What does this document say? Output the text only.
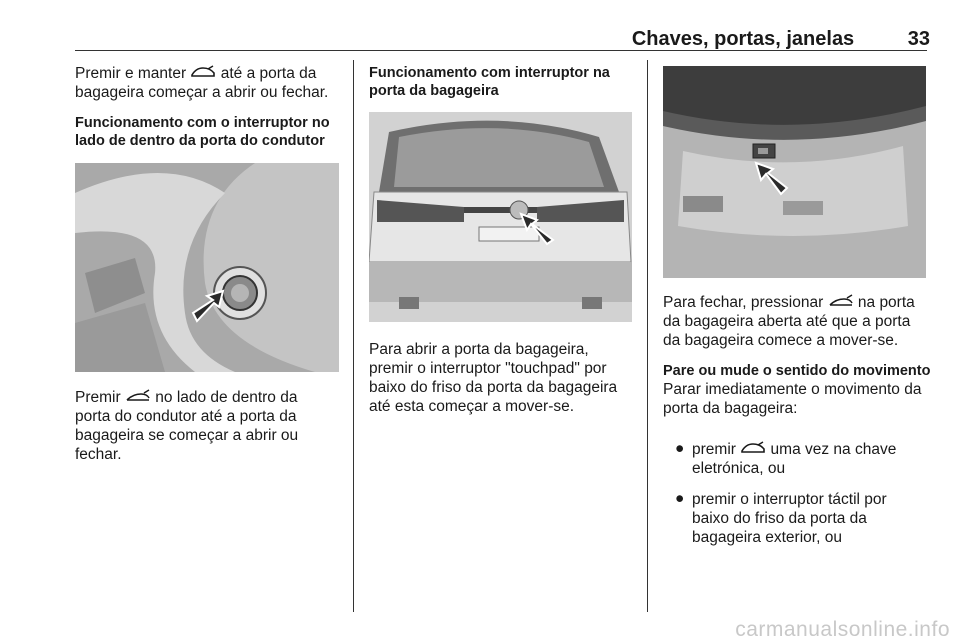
Chaves, portas, janelas	33

Premir e manter até a porta da bagageira começar a abrir ou fechar.

Funcionamento com o interruptor no lado de dentro da porta do condutor

Premir no lado de dentro da porta do condutor até a porta da bagageira se começar a abrir ou fechar.

Funcionamento com interruptor na porta da bagageira

Para abrir a porta da bagageira, premir o interruptor "touchpad" por baixo do friso da porta da bagageira até esta começar a mover-se.

Para fechar, pressionar na porta da bagageira aberta até que a porta da bagageira comece a mover-se.

Pare ou mude o sentido do movimento

Parar imediatamente o movimento da porta da bagageira:

● premir uma vez na chave eletrónica, ou

● premir o interruptor táctil por baixo do friso da porta da bagageira exterior, ou

carmanualsonline.info
